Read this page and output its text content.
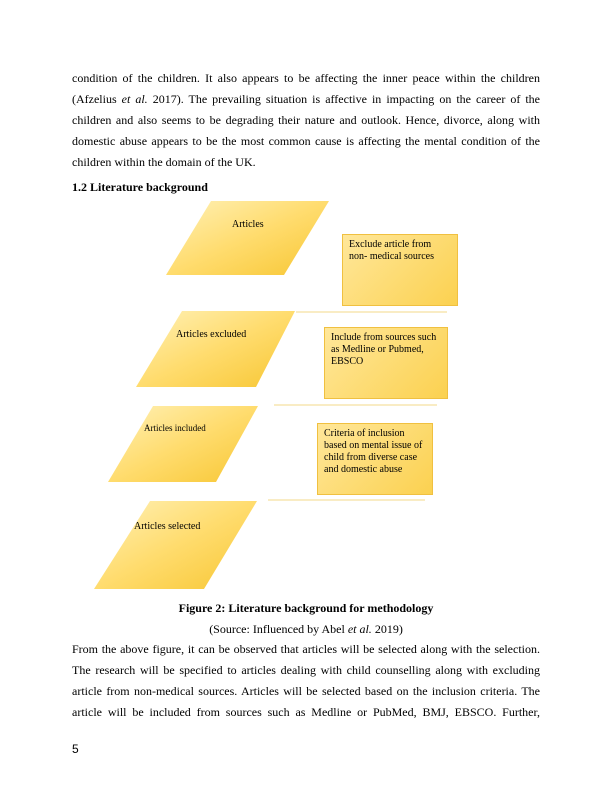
condition of the children. It also appears to be affecting the inner peace within the children
(Afzelius et al. 2017). The prevailing situation is affective in impacting on the career of the
children and also seems to be degrading their nature and outlook. Hence, divorce, along with
domestic abuse appears to be the most common cause is affecting the mental condition of the
children within the domain of the UK.
1.2 Literature background
Articles
Articles excluded
Articles included
Articles selected
Exclude article from non- medical sources
Include from sources such as Medline or Pubmed, EBSCO
Criteria of inclusion based on mental issue of child from diverse case and domestic abuse
Figure 2: Literature background for methodology
(Source: Influenced by Abel et al. 2019)
From the above figure, it can be observed that articles will be selected along with the selection.
The research will be specified to articles dealing with child counselling along with excluding
article from non-medical sources. Articles will be selected based on the inclusion criteria. The
article will be included from sources such as Medline or PubMed, BMJ, EBSCO. Further,
5
